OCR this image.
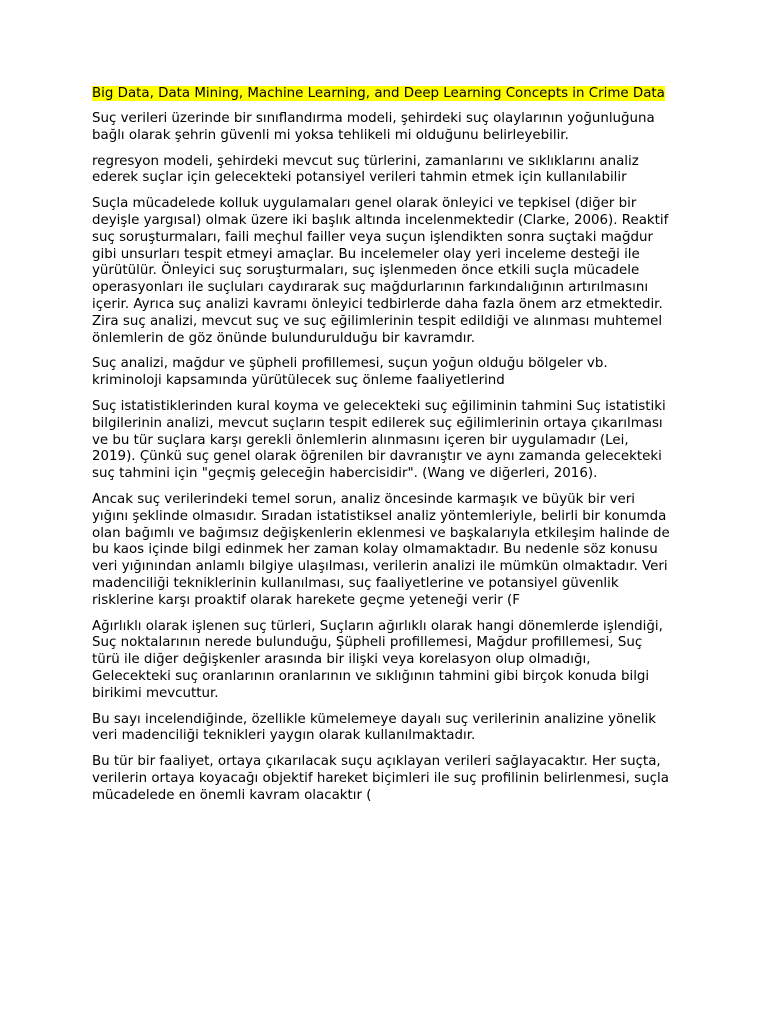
Big Data, Data Mining, Machine Learning, and Deep Learning Concepts in Crime Data

Suç verileri üzerinde bir sınıflandırma modeli, şehirdeki suç olaylarının yoğunluğuna bağlı olarak şehrin güvenli mi yoksa tehlikeli mi olduğunu belirleyebilir.

regresyon modeli, şehirdeki mevcut suç türlerini, zamanlarını ve sıklıklarını analiz ederek suçlar için gelecekteki potansiyel verileri tahmin etmek için kullanılabilir

Suçla mücadelede kolluk uygulamaları genel olarak önleyici ve tepkisel (diğer bir deyişle yargısal) olmak üzere iki başlık altında incelenmektedir (Clarke, 2006). Reaktif suç soruşturmaları, faili meçhul failler veya suçun işlendikten sonra suçtaki mağdur gibi unsurları tespit etmeyi amaçlar. Bu incelemeler olay yeri inceleme desteği ile yürütülür. Önleyici suç soruşturmaları, suç işlenmeden önce etkili suçla mücadele operasyonları ile suçluları caydırarak suç mağdurlarının farkındalığının artırılmasını içerir. Ayrıca suç analizi kavramı önleyici tedbirlerde daha fazla önem arz etmektedir. Zira suç analizi, mevcut suç ve suç eğilimlerinin tespit edildiği ve alınması muhtemel önlemlerin de göz önünde bulundurulduğu bir kavramdır.

Suç analizi, mağdur ve şüpheli profillemesi, suçun yoğun olduğu bölgeler vb. kriminoloji kapsamında yürütülecek suç önleme faaliyetlerind

Suç istatistiklerinden kural koyma ve gelecekteki suç eğiliminin tahmini Suç istatistiki bilgilerinin analizi, mevcut suçların tespit edilerek suç eğilimlerinin ortaya çıkarılması ve bu tür suçlara karşı gerekli önlemlerin alınmasını içeren bir uygulamadır (Lei, 2019). Çünkü suç genel olarak öğrenilen bir davranıştır ve aynı zamanda gelecekteki suç tahmini için "geçmiş geleceğin habercisidir". (Wang ve diğerleri, 2016).

Ancak suç verilerindeki temel sorun, analiz öncesinde karmaşık ve büyük bir veri yığını şeklinde olmasıdır. Sıradan istatistiksel analiz yöntemleriyle, belirli bir konumda olan bağımlı ve bağımsız değişkenlerin eklenmesi ve başkalarıyla etkileşim halinde de bu kaos içinde bilgi edinmek her zaman kolay olmamaktadır. Bu nedenle söz konusu veri yığınından anlamlı bilgiye ulaşılması, verilerin analizi ile mümkün olmaktadır. Veri madenciliği tekniklerinin kullanılması, suç faaliyetlerine ve potansiyel güvenlik risklerine karşı proaktif olarak harekete geçme yeteneği verir (F

Ağırlıklı olarak işlenen suç türleri, Suçların ağırlıklı olarak hangi dönemlerde işlendiği, Suç noktalarının nerede bulunduğu, Şüpheli profillemesi, Mağdur profillemesi, Suç türü ile diğer değişkenler arasında bir ilişki veya korelasyon olup olmadığı, Gelecekteki suç oranlarının oranlarının ve sıklığının tahmini gibi birçok konuda bilgi birikimi mevcuttur.

Bu sayı incelendiğinde, özellikle kümelemeye dayalı suç verilerinin analizine yönelik veri madenciliği teknikleri yaygın olarak kullanılmaktadır.

Bu tür bir faaliyet, ortaya çıkarılacak suçu açıklayan verileri sağlayacaktır. Her suçta, verilerin ortaya koyacağı objektif hareket biçimleri ile suç profilinin belirlenmesi, suçla mücadelede en önemli kavram olacaktır (
